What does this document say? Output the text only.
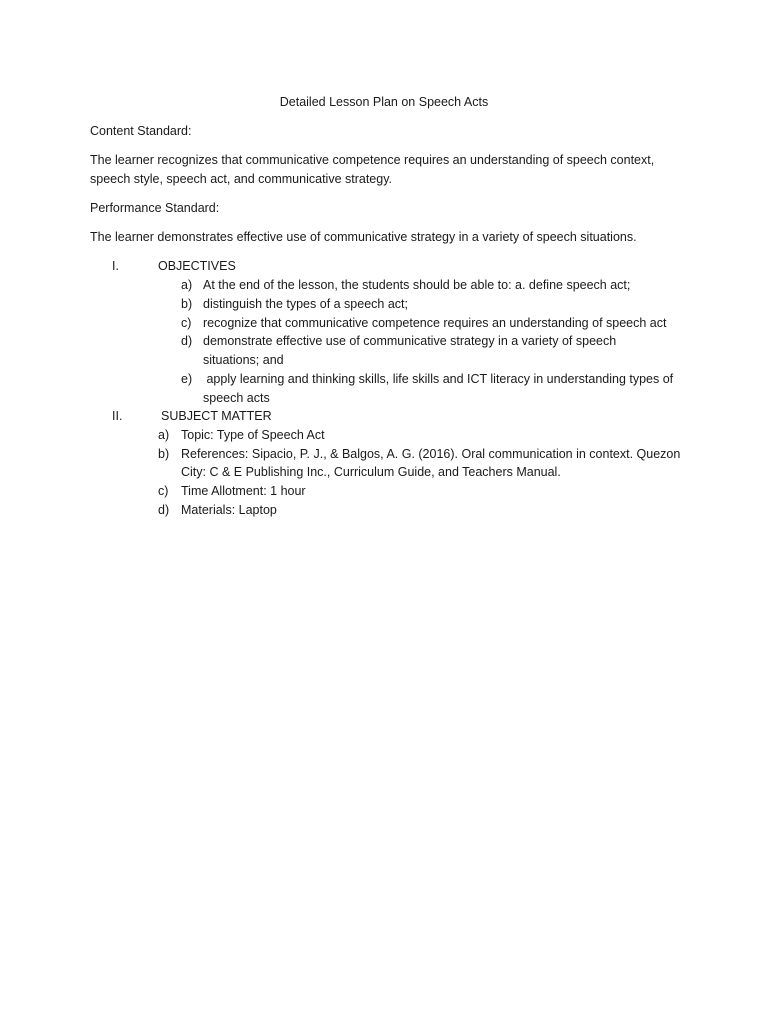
Detailed Lesson Plan on Speech Acts
Content Standard:
The learner recognizes that communicative competence requires an understanding of speech context,
speech style, speech act, and communicative strategy.
Performance Standard:
The learner demonstrates effective use of communicative strategy in a variety of speech situations.
I.	OBJECTIVES
a) At the end of the lesson, the students should be able to: a. define speech act;
b) distinguish the types of a speech act;
c) recognize that communicative competence requires an understanding of speech act
d) demonstrate effective use of communicative strategy in a variety of speech
situations; and
e) apply learning and thinking skills, life skills and ICT literacy in understanding types of
speech acts
II.	SUBJECT MATTER
a) Topic: Type of Speech Act
b) References: Sipacio, P. J., & Balgos, A. G. (2016). Oral communication in context. Quezon
City: C & E Publishing Inc., Curriculum Guide, and Teachers Manual.
c) Time Allotment: 1 hour
d) Materials: Laptop
